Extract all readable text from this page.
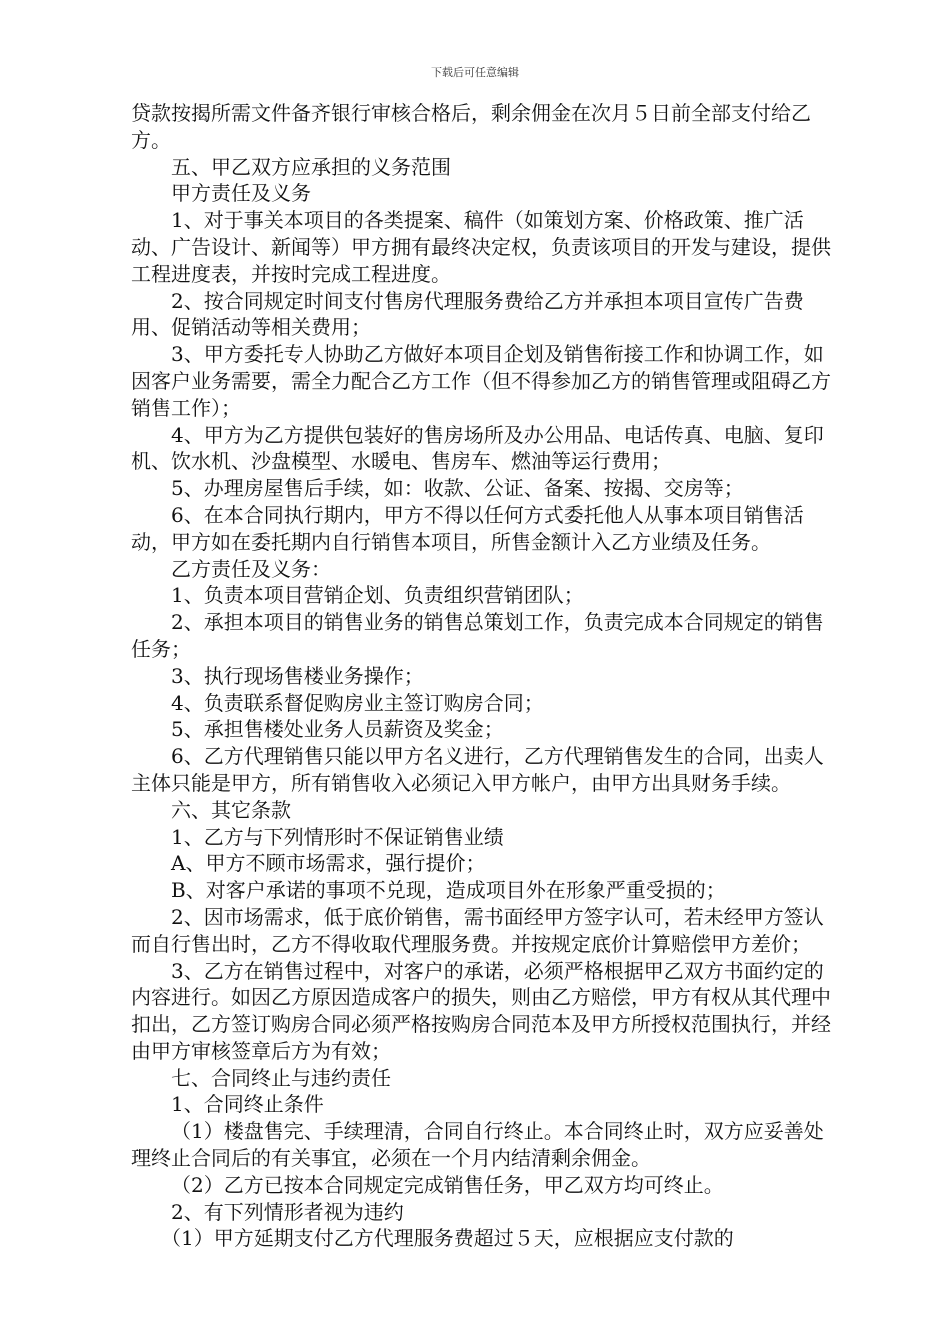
下载后可任意编辑

贷款按揭所需文件备齐银行审核合格后，剩余佣金在次月５日前全部支付给乙方。

五、甲乙双方应承担的义务范围

甲方责任及义务

1、对于事关本项目的各类提案、稿件（如策划方案、价格政策、推广活动、广告设计、新闻等）甲方拥有最终决定权，负责该项目的开发与建设，提供工程进度表，并按时完成工程进度。

2、按合同规定时间支付售房代理服务费给乙方并承担本项目宣传广告费用、促销活动等相关费用；

3、甲方委托专人协助乙方做好本项目企划及销售衔接工作和协调工作，如因客户业务需要，需全力配合乙方工作（但不得参加乙方的销售管理或阻碍乙方销售工作）；

4、甲方为乙方提供包装好的售房场所及办公用品、电话传真、电脑、复印机、饮水机、沙盘模型、水暖电、售房车、燃油等运行费用；

5、办理房屋售后手续，如：收款、公证、备案、按揭、交房等；

6、在本合同执行期内，甲方不得以任何方式委托他人从事本项目销售活动，甲方如在委托期内自行销售本项目，所售金额计入乙方业绩及任务。

乙方责任及义务：

1、负责本项目营销企划、负责组织营销团队；

2、承担本项目的销售业务的销售总策划工作，负责完成本合同规定的销售任务；

3、执行现场售楼业务操作；

4、负责联系督促购房业主签订购房合同；

5、承担售楼处业务人员薪资及奖金；

6、乙方代理销售只能以甲方名义进行，乙方代理销售发生的合同，出卖人主体只能是甲方，所有销售收入必须记入甲方帐户，由甲方出具财务手续。

六、其它条款

1、乙方与下列情形时不保证销售业绩

A、甲方不顾市场需求，强行提价；

B、对客户承诺的事项不兑现，造成项目外在形象严重受损的；

2、因市场需求，低于底价销售，需书面经甲方签字认可，若未经甲方签认而自行售出时，乙方不得收取代理服务费。并按规定底价计算赔偿甲方差价；

3、乙方在销售过程中，对客户的承诺，必须严格根据甲乙双方书面约定的内容进行。如因乙方原因造成客户的损失，则由乙方赔偿，甲方有权从其代理中扣出，乙方签订购房合同必须严格按购房合同范本及甲方所授权范围执行，并经由甲方审核签章后方为有效；

七、合同终止与违约责任

1、合同终止条件

（1）楼盘售完、手续理清，合同自行终止。本合同终止时，双方应妥善处理终止合同后的有关事宜，必须在一个月内结清剩余佣金。

（2）乙方已按本合同规定完成销售任务，甲乙双方均可终止。

2、有下列情形者视为违约

（1）甲方延期支付乙方代理服务费超过５天，应根据应支付款的
